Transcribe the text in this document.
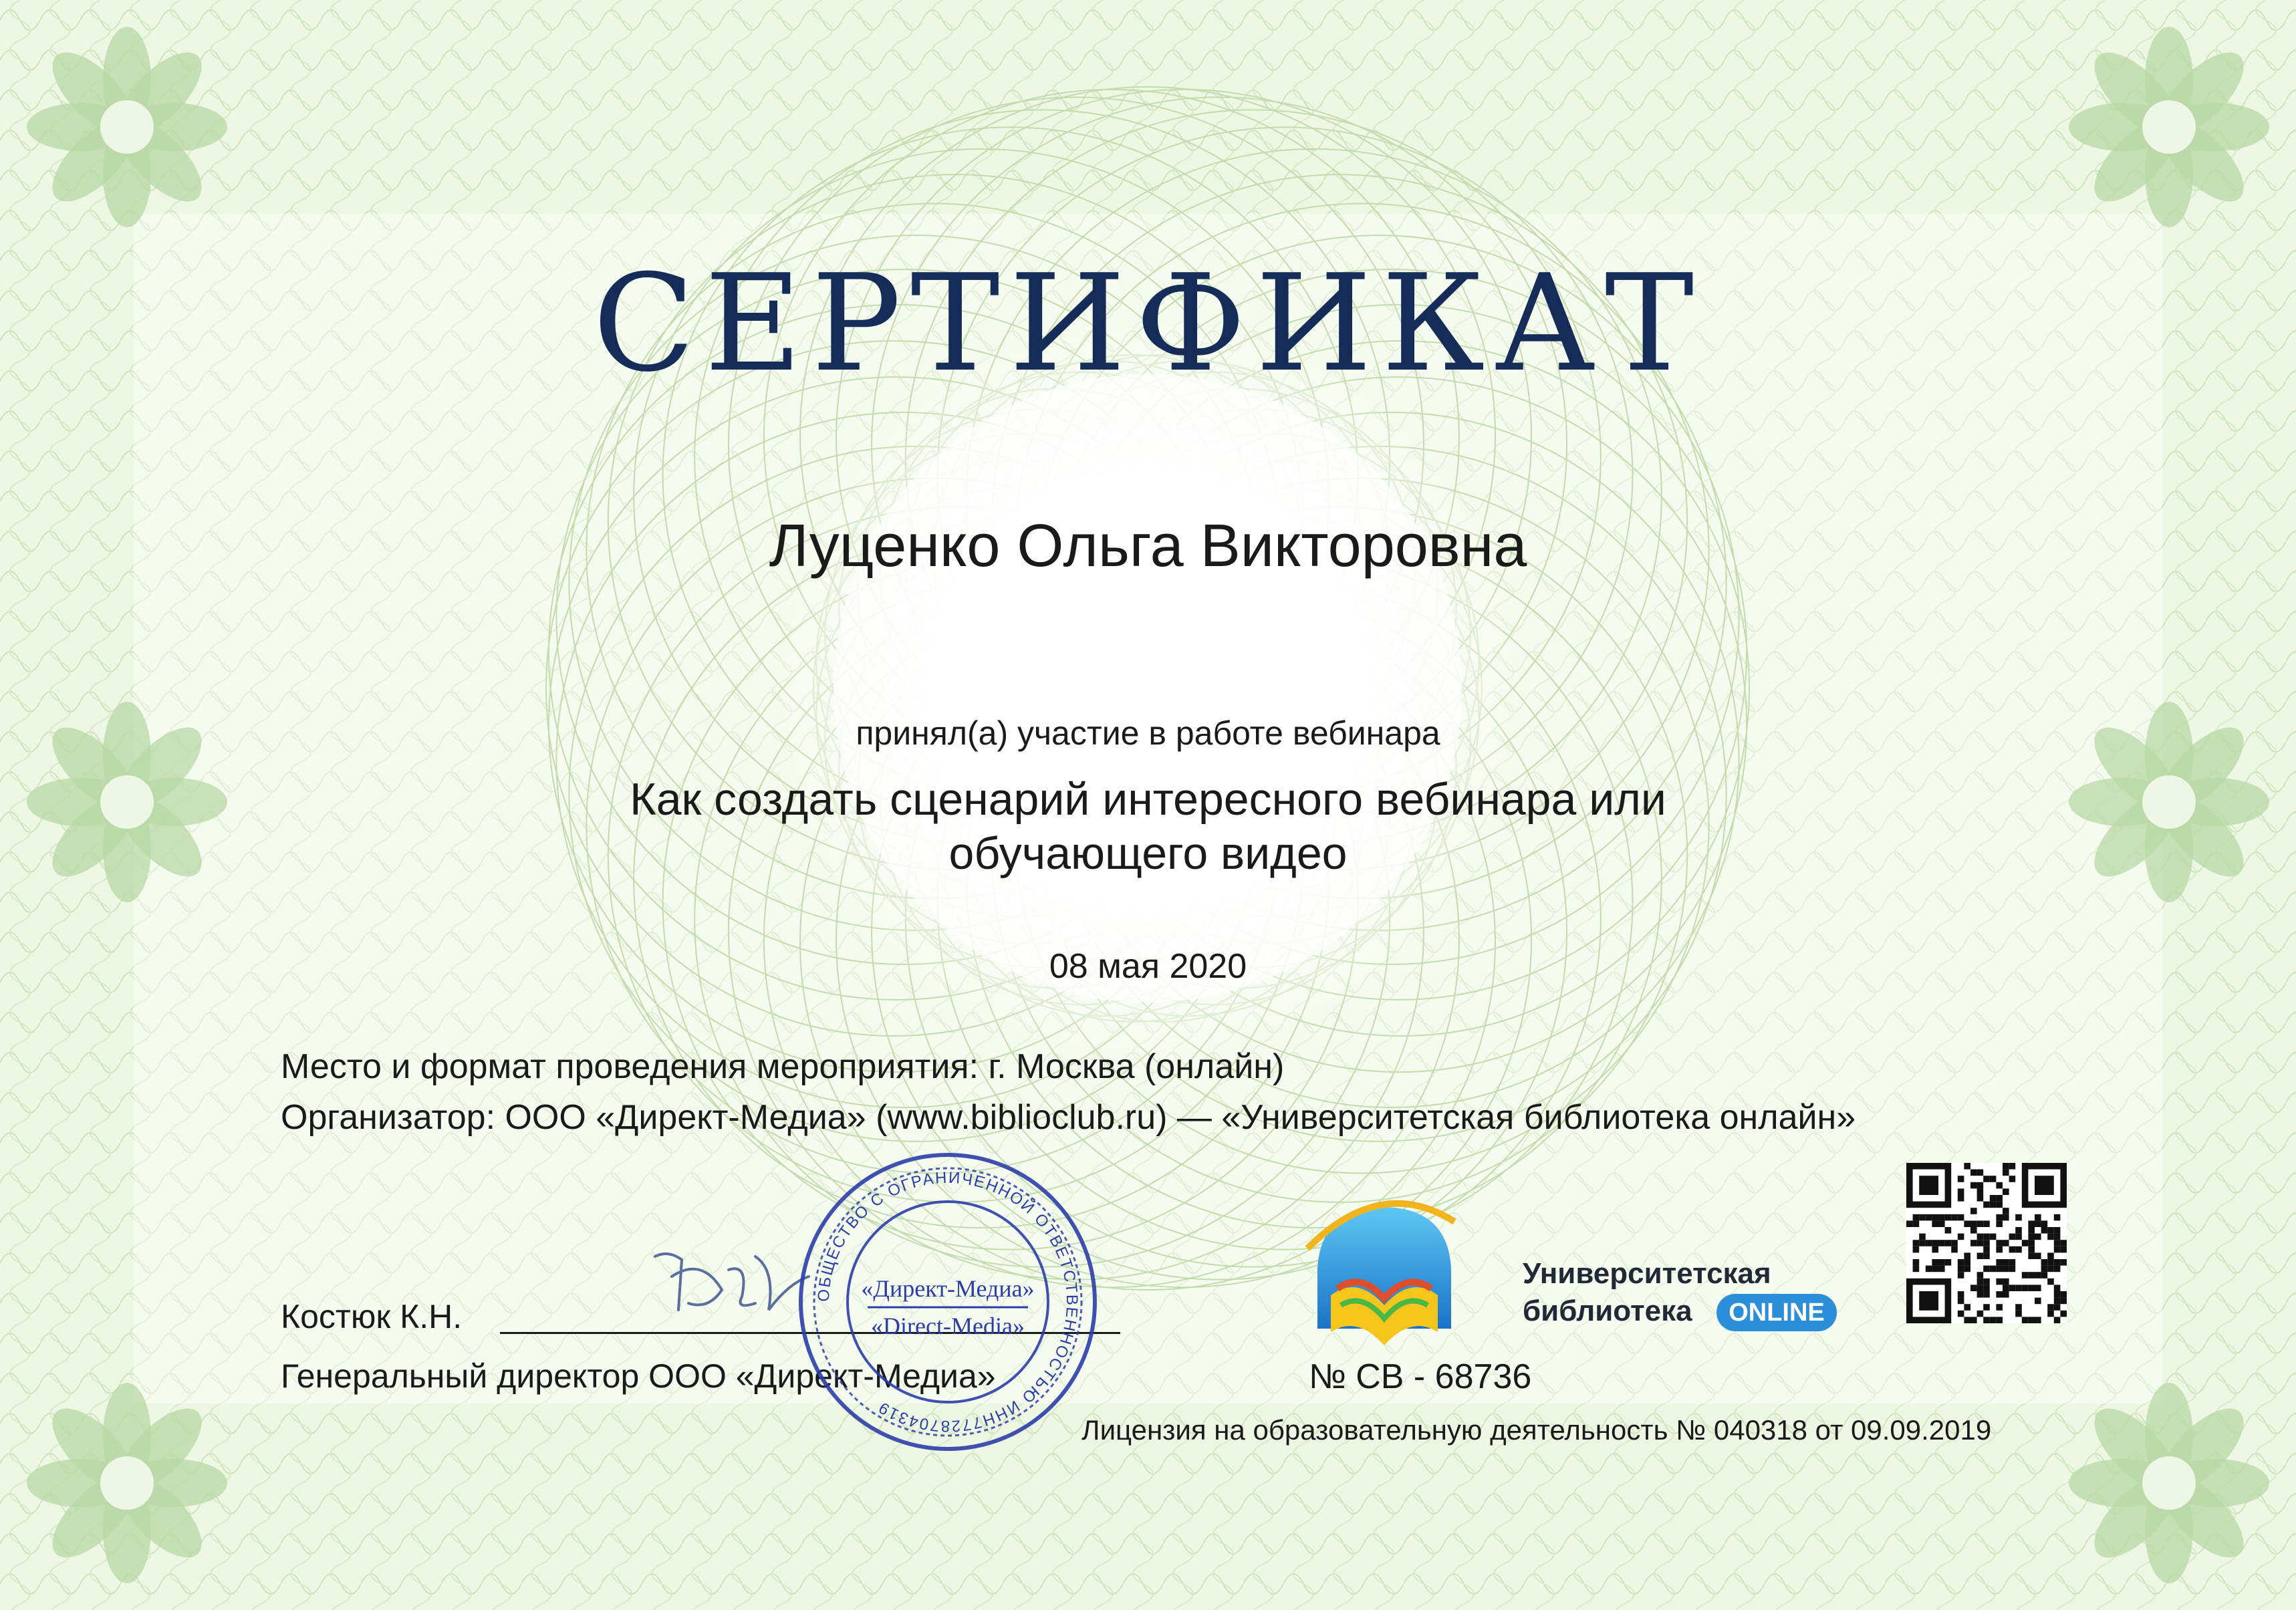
СЕРТИФИКАТ
Луценко Ольга Викторовна
принял(а) участие в работе вебинара
Как создать сценарий интересного вебинара или
обучающего видео
08 мая 2020
Место и формат проведения мероприятия: г. Москва (онлайн)
Организатор: ООО «Директ-Медиа» (www.biblioclub.ru) — «Университетская библиотека онлайн»
Костюк К.Н.
Генеральный директор ООО «Директ-Медиа»
ОБЩЕСТВО С ОГРАНИЧЕННОЙ ОТВЕТСТВЕННОСТЬЮ ИНН7728704319
«Директ-Медиа»
«Direct-Media»
Университетская
библиотека	ONLINE
№ СВ - 68736
Лицензия на образовательную деятельность № 040318 от 09.09.2019
